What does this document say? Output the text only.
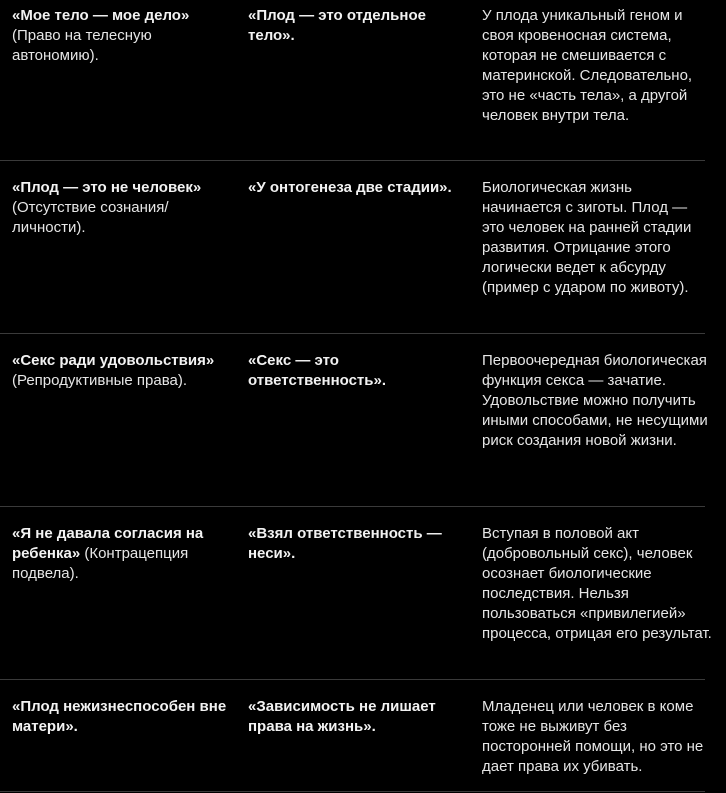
«Мое тело — мое дело» (Право на телесную автономию).
«Плод — это отдельное тело».
У плода уникальный геном и своя кровеносная система, которая не смешивается с материнской. Следовательно, это не «часть тела», а другой человек внутри тела.
«Плод — это не человек» (Отсутствие сознания/личности).
«У онтогенеза две стадии».	Биологическая жизнь начинается с зиготы. Плод — это человек на ранней стадии развития. Отрицание этого логически ведет к абсурду (пример с ударом по животу).
«Секс ради удовольствия» (Репродуктивные права).
«Секс — это ответственность».
Первоочередная биологическая функция секса — зачатие. Удовольствие можно получить иными способами, не несущими риск создания новой жизни.
«Я не давала согласия на ребенка» (Контрацепция подвела).
«Взял ответственность — неси».
Вступая в половой акт (добровольный секс), человек осознает биологические последствия. Нельзя пользоваться «привилегией» процесса, отрицая его результат.
«Плод нежизнеспособен вне матери».
«Зависимость не лишает права на жизнь».
Младенец или человек в коме тоже не выживут без посторонней помощи, но это не дает права их убивать.
